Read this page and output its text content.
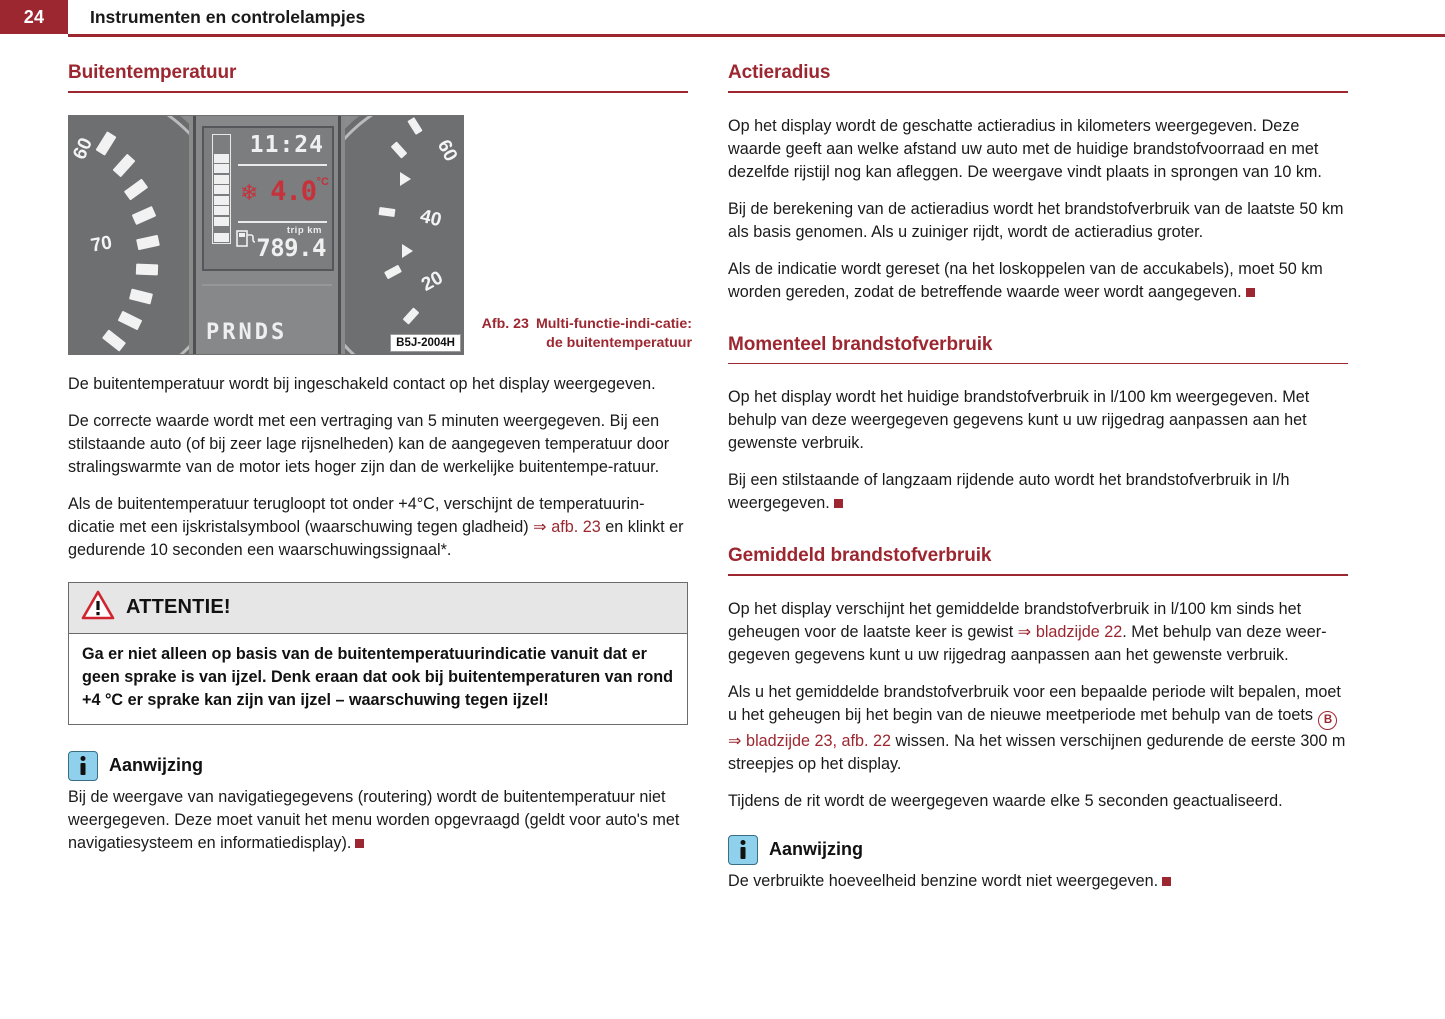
24	Instrumenten en controlelampjes
Buitentemperatuur
60
70
❄
11:24
4.0 °C
trip km
789.4
PRNDS
60
40
20
B5J-2004H
Afb. 23 Multi-functie-indi-catie: de buitentemperatuur

De buitentemperatuur wordt bij ingeschakeld contact op het display weergegeven.

De correcte waarde wordt met een vertraging van 5 minuten weergegeven. Bij een stilstaande auto (of bij zeer lage rijsnelheden) kan de aangegeven temperatuur door stralingswarmte van de motor iets hoger zijn dan de werkelijke buitentempe-ratuur.

Als de buitentemperatuur terugloopt tot onder +4°C, verschijnt de temperatuurin-dicatie met een ijskristalsymbool (waarschuwing tegen gladheid) ⇒ afb. 23 en klinkt er gedurende 10 seconden een waarschuwingssignaal*.

ATTENTIE!
Ga er niet alleen op basis van de buitentemperatuurindicatie vanuit dat er geen sprake is van ijzel. Denk eraan dat ook bij buitentemperaturen van rond +4 °C er sprake kan zijn van ijzel – waarschuwing tegen ijzel!
Aanwijzing

Bij de weergave van navigatiegegevens (routering) wordt de buitentemperatuur niet weergegeven. Deze moet vanuit het menu worden opgevraagd (geldt voor auto's met navigatiesysteem en informatiedisplay).

Actieradius

Op het display wordt de geschatte actieradius in kilometers weergegeven. Deze waarde geeft aan welke afstand uw auto met de huidige brandstofvoorraad en met dezelfde rijstijl nog kan afleggen. De weergave vindt plaats in sprongen van 10 km.

Bij de berekening van de actieradius wordt het brandstofverbruik van de laatste 50 km als basis genomen. Als u zuiniger rijdt, wordt de actieradius groter.

Als de indicatie wordt gereset (na het loskoppelen van de accukabels), moet 50 km worden gereden, zodat de betreffende waarde weer wordt aangegeven.

Momenteel brandstofverbruik

Op het display wordt het huidige brandstofverbruik in l/100 km weergegeven. Met behulp van deze weergegeven gegevens kunt u uw rijgedrag aanpassen aan het gewenste verbruik.

Bij een stilstaande of langzaam rijdende auto wordt het brandstofverbruik in l/h weergegeven.

Gemiddeld brandstofverbruik

Op het display verschijnt het gemiddelde brandstofverbruik in l/100 km sinds het geheugen voor de laatste keer is gewist ⇒ bladzijde 22. Met behulp van deze weer-gegeven gegevens kunt u uw rijgedrag aanpassen aan het gewenste verbruik.

Als u het gemiddelde brandstofverbruik voor een bepaalde periode wilt bepalen, moet u het geheugen bij het begin van de nieuwe meetperiode met behulp van de toets B ⇒ bladzijde 23, afb. 22 wissen. Na het wissen verschijnen gedurende de eerste 300 m streepjes op het display.

Tijdens de rit wordt de weergegeven waarde elke 5 seconden geactualiseerd.

Aanwijzing

De verbruikte hoeveelheid benzine wordt niet weergegeven.
